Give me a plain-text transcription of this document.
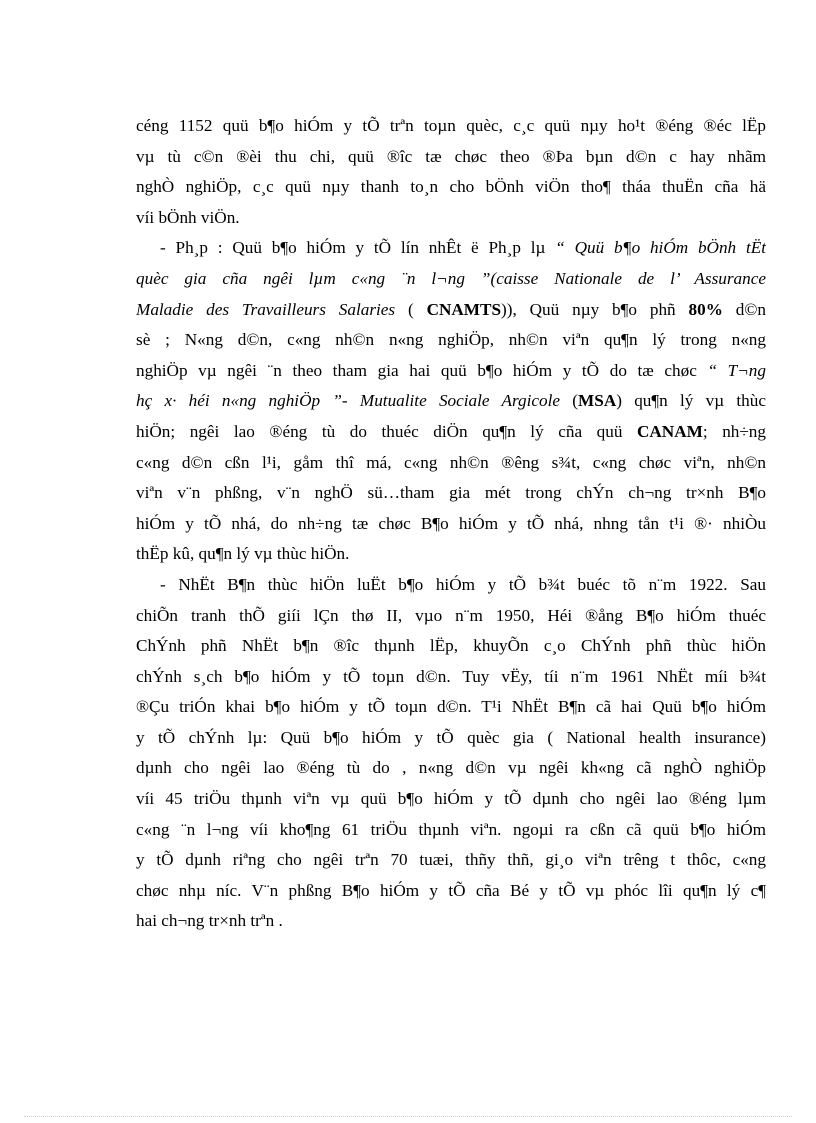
céng 1152 quü b¶o hiÓm y tÕ trªn toµn quèc, c¸c quü nµy ho¹t ®éng ®éc lËp
vµ tù c©n ®èi thu chi, quü ®îc tæ chøc theo ®Þa bµn d©n c hay nhãm
nghÒ nghiÖp, c¸c quü nµy thanh to¸n cho bÖnh viÖn tho¶ tháa thuËn cña hä
víi bÖnh viÖn.
- Ph¸p : Quü b¶o hiÓm y tÕ lín nhÊt ë Ph¸p lµ “ Quü b¶o hiÓm bÖnh tËt
quèc gia cña ngêi lµm c«ng ¨n l¬ng ”(caisse Nationale de l’ Assurance
Maladie des Travailleurs Salaries ( CNAMTS)), Quü nµy b¶o phñ 80% d©n
sè ; N«ng d©n, c«ng nh©n n«ng nghiÖp, nh©n viªn qu¶n lý trong n«ng
nghiÖp vµ ngêi ¨n theo tham gia hai quü b¶o hiÓm y tÕ do tæ chøc “ T¬ng
hç x· héi n«ng nghiÖp ”- Mutualite Sociale Argicole (MSA) qu¶n lý vµ thùc
hiÖn; ngêi lao ®éng tù do thuéc diÖn qu¶n lý cña quü CANAM; nh÷ng
c«ng d©n cßn l¹i, gåm thî má, c«ng nh©n ®êng s¾t, c«ng chøc viªn, nh©n
viªn v¨n phßng, v¨n nghÖ sü…tham gia mét trong chÝn ch¬ng tr×nh B¶o
hiÓm y tÕ nhá, do nh÷ng tæ chøc B¶o hiÓm y tÕ nhá, nhng tån t¹i ®· nhiÒu
thËp kû, qu¶n lý vµ thùc hiÖn.
- NhËt B¶n thùc hiÖn luËt b¶o hiÓm y tÕ b¾t buéc tõ n¨m 1922. Sau
chiÕn tranh thÕ giíi lÇn thø II, vµo n¨m 1950, Héi ®ång B¶o hiÓm thuéc
ChÝnh phñ NhËt b¶n ®îc thµnh lËp, khuyÕn c¸o ChÝnh phñ thùc hiÖn
chÝnh s¸ch b¶o hiÓm y tÕ toµn d©n. Tuy vËy, tíi n¨m 1961 NhËt míi b¾t
®Çu triÓn khai b¶o hiÓm y tÕ toµn d©n. T¹i NhËt B¶n cã hai Quü b¶o hiÓm
y tÕ chÝnh lµ: Quü b¶o hiÓm y tÕ quèc gia ( National health insurance)
dµnh cho ngêi lao ®éng tù do , n«ng d©n vµ ngêi kh«ng cã nghÒ nghiÖp
víi 45 triÖu thµnh viªn vµ quü b¶o hiÓm y tÕ dµnh cho ngêi lao ®éng lµm
c«ng ¨n l¬ng víi kho¶ng 61 triÖu thµnh viªn. ngoµi ra cßn cã quü b¶o hiÓm
y tÕ dµnh riªng cho ngêi trªn 70 tuæi, thñy thñ, gi¸o viªn trêng t thôc, c«ng
chøc nhµ níc. V¨n phßng B¶o hiÓm y tÕ cña Bé y tÕ vµ phóc lîi qu¶n lý c¶
hai ch¬ng tr×nh trªn .
